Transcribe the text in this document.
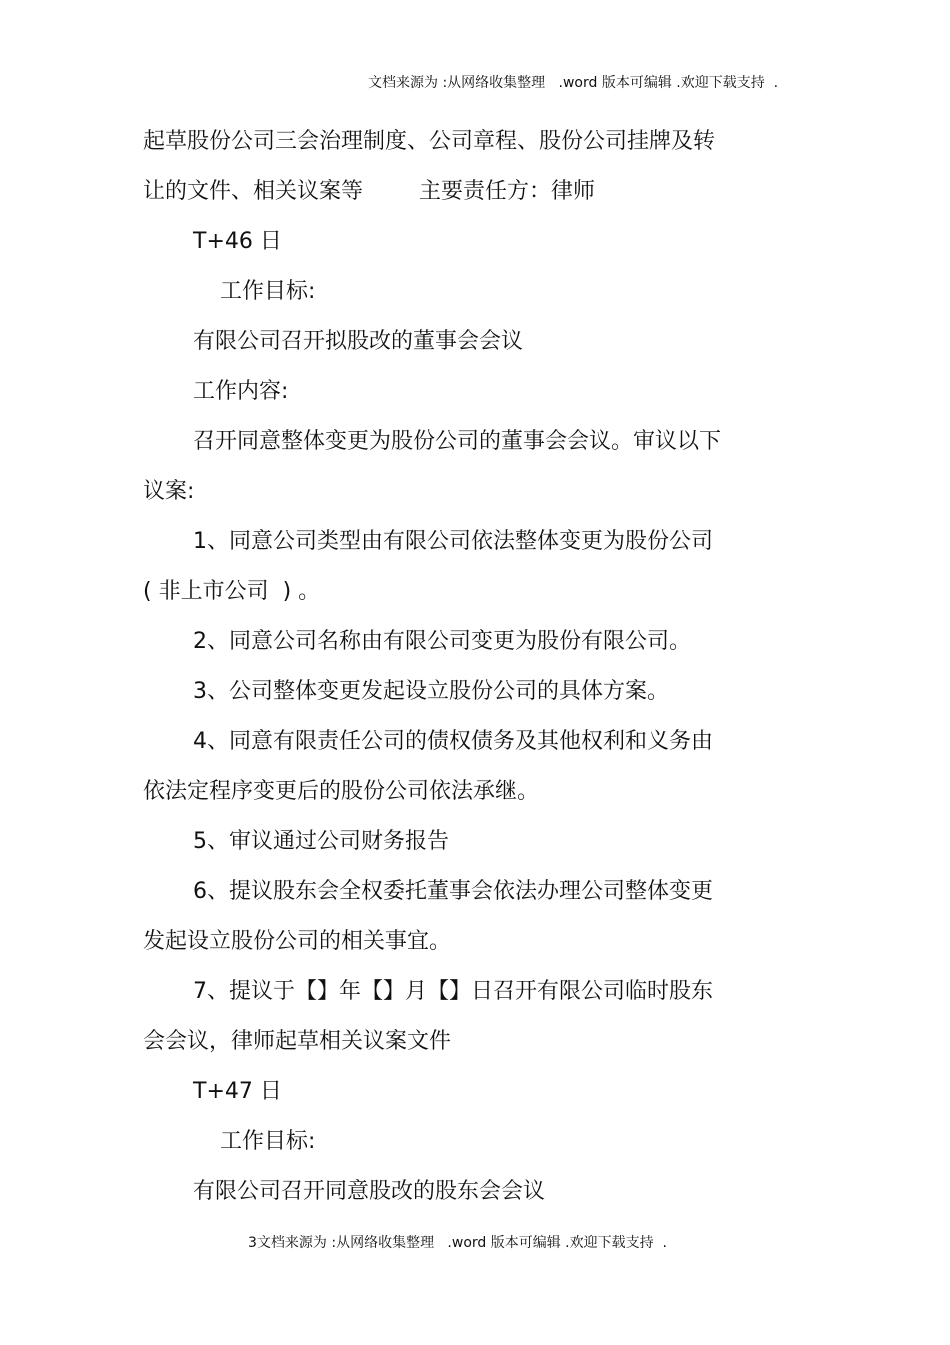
文档来源为 :从网络收集整理   .word 版本可编辑 .欢迎下载支持  .
起草股份公司三会治理制度、公司章程、股份公司挂牌及转
让的文件、相关议案等        主要责任方：律师
T+46 日
工作目标:
有限公司召开拟股改的董事会会议
工作内容:
召开同意整体变更为股份公司的董事会会议。审议以下
议案:
1、同意公司类型由有限公司依法整体变更为股份公司
( 非上市公司  ) 。
2、同意公司名称由有限公司变更为股份有限公司。
3、公司整体变更发起设立股份公司的具体方案。
4、同意有限责任公司的债权债务及其他权利和义务由
依法定程序变更后的股份公司依法承继。
5、审议通过公司财务报告
6、提议股东会全权委托董事会依法办理公司整体变更
发起设立股份公司的相关事宜。
7、提议于【】年【】月【】日召开有限公司临时股东
会会议，律师起草相关议案文件
T+47 日
工作目标:
有限公司召开同意股改的股东会会议
3文档来源为 :从网络收集整理   .word 版本可编辑 .欢迎下载支持  .
